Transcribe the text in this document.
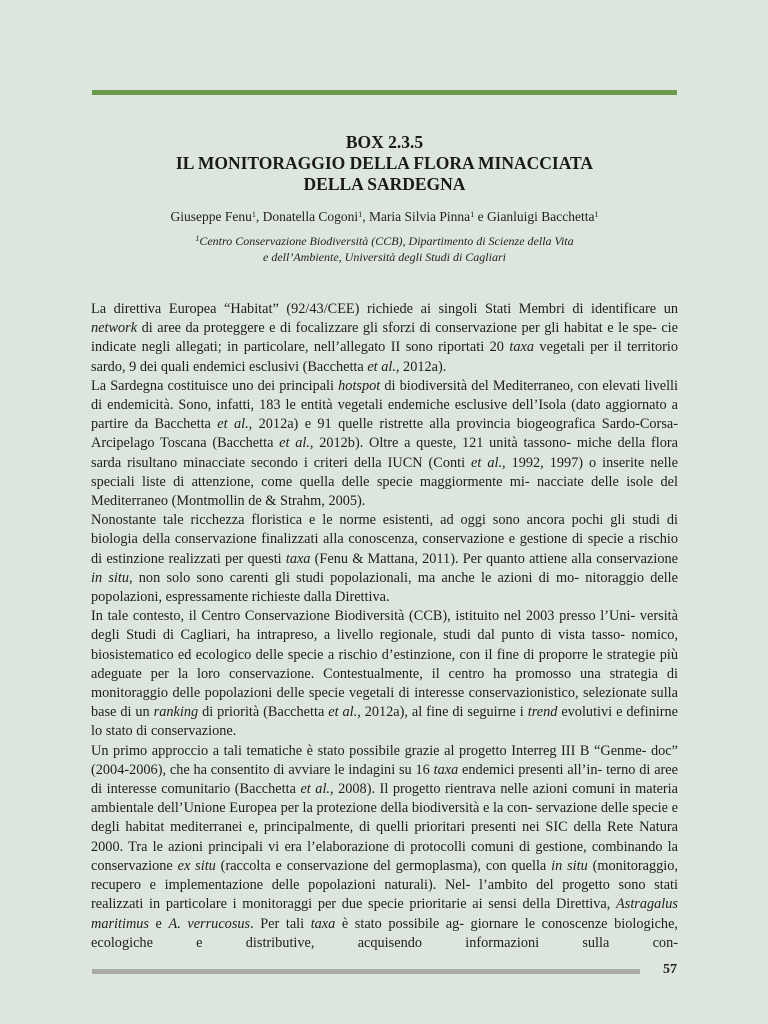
BOX 2.3.5
IL MONITORAGGIO DELLA FLORA MINACCIATA
DELLA SARDEGNA
Giuseppe Fenu$^1$, Donatella Cogoni$^1$, Maria Silvia Pinna$^1$ e Gianluigi Bacchetta$^1$
$^1$Centro Conservazione Biodiversità (CCB), Dipartimento di Scienze della Vita
e dell’Ambiente, Università degli Studi di Cagliari

La direttiva Europea “Habitat” (92/43/CEE) richiede ai singoli Stati Membri di identificare un network di aree da proteggere e di focalizzare gli sforzi di conservazione per gli habitat e le spe- cie indicate negli allegati; in particolare, nell’allegato II sono riportati 20 taxa vegetali per il territorio sardo, 9 dei quali endemici esclusivi (Bacchetta et al., 2012a).

La Sardegna costituisce uno dei principali hotspot di biodiversità del Mediterraneo, con elevati livelli di endemicità. Sono, infatti, 183 le entità vegetali endemiche esclusive dell’Isola (dato aggiornato a partire da Bacchetta et al., 2012a) e 91 quelle ristrette alla provincia biogeografica Sardo-Corsa-Arcipelago Toscana (Bacchetta et al., 2012b). Oltre a queste, 121 unità tassono- miche della flora sarda risultano minacciate secondo i criteri della IUCN (Conti et al., 1992, 1997) o inserite nelle speciali liste di attenzione, come quella delle specie maggiormente mi- nacciate delle isole del Mediterraneo (Montmollin de & Strahm, 2005).

Nonostante tale ricchezza floristica e le norme esistenti, ad oggi sono ancora pochi gli studi di biologia della conservazione finalizzati alla conoscenza, conservazione e gestione di specie a rischio di estinzione realizzati per questi taxa (Fenu & Mattana, 2011). Per quanto attiene alla conservazione in situ, non solo sono carenti gli studi popolazionali, ma anche le azioni di mo- nitoraggio delle popolazioni, espressamente richieste dalla Direttiva.

In tale contesto, il Centro Conservazione Biodiversità (CCB), istituito nel 2003 presso l’Uni- versità degli Studi di Cagliari, ha intrapreso, a livello regionale, studi dal punto di vista tasso- nomico, biosistematico ed ecologico delle specie a rischio d’estinzione, con il fine di proporre le strategie più adeguate per la loro conservazione. Contestualmente, il centro ha promosso una strategia di monitoraggio delle popolazioni delle specie vegetali di interesse conservazionistico, selezionate sulla base di un ranking di priorità (Bacchetta et al., 2012a), al fine di seguirne i trend evolutivi e definirne lo stato di conservazione.

Un primo approccio a tali tematiche è stato possibile grazie al progetto Interreg III B “Genme- doc” (2004-2006), che ha consentito di avviare le indagini su 16 taxa endemici presenti all’in- terno di aree di interesse comunitario (Bacchetta et al., 2008). Il progetto rientrava nelle azioni comuni in materia ambientale dell’Unione Europea per la protezione della biodiversità e la con- servazione delle specie e degli habitat mediterranei e, principalmente, di quelli prioritari presenti nei SIC della Rete Natura 2000. Tra le azioni principali vi era l’elaborazione di protocolli comuni di gestione, combinando la conservazione ex situ (raccolta e conservazione del germoplasma), con quella in situ (monitoraggio, recupero e implementazione delle popolazioni naturali). Nel- l’ambito del progetto sono stati realizzati in particolare i monitoraggi per due specie prioritarie ai sensi della Direttiva, Astragalus maritimus e A. verrucosus. Per tali taxa è stato possibile ag- giornare le conoscenze biologiche, ecologiche e distributive, acquisendo informazioni sulla con-

57
